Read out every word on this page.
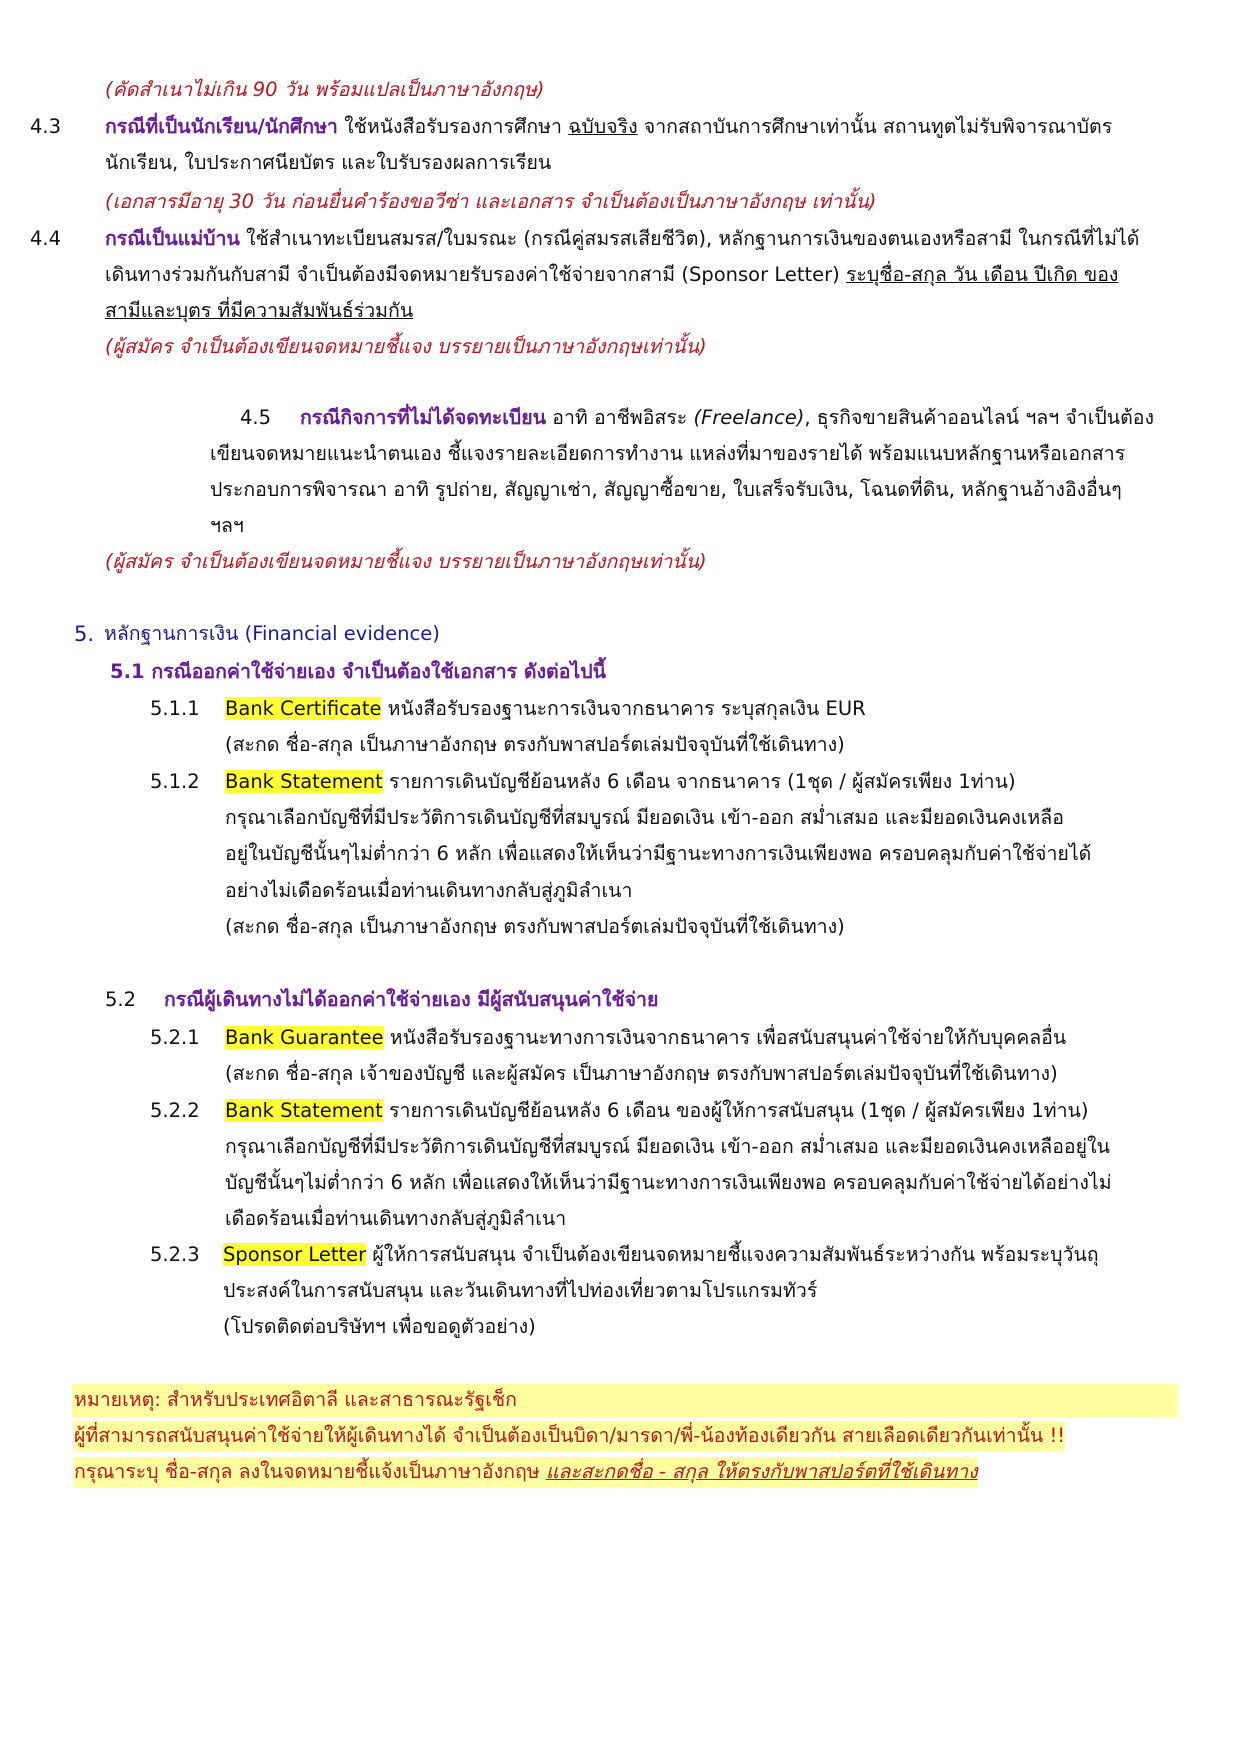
(คัดสำเนาไม่เกิน 90 วัน พร้อมแปลเป็นภาษาอังกฤษ)
4.3 กรณีที่เป็นนักเรียน/นักศึกษา ใช้หนังสือรับรองการศึกษา ฉบับจริง จากสถาบันการศึกษาเท่านั้น สถานทูตไม่รับพิจารณาบัตร
นักเรียน, ใบประกาศนียบัตร และใบรับรองผลการเรียน
(เอกสารมีอายุ 30 วัน ก่อนยื่นคำร้องขอวีซ่า และเอกสาร จำเป็นต้องเป็นภาษาอังกฤษ เท่านั้น)
4.4 กรณีเป็นแม่บ้าน ใช้สำเนาทะเบียนสมรส/ใบมรณะ (กรณีคู่สมรสเสียชีวิต), หลักฐานการเงินของตนเองหรือสามี ในกรณีที่ไม่ได้
เดินทางร่วมกันกับสามี จำเป็นต้องมีจดหมายรับรองค่าใช้จ่ายจากสามี (Sponsor Letter) ระบุชื่อ-สกุล วัน เดือน ปีเกิด ของ
สามีและบุตร ที่มีความสัมพันธ์ร่วมกัน
(ผู้สมัคร จำเป็นต้องเขียนจดหมายชี้แจง บรรยายเป็นภาษาอังกฤษเท่านั้น)
4.5 กรณีกิจการที่ไม่ได้จดทะเบียน อาทิ อาชีพอิสระ (Freelance), ธุรกิจขายสินค้าออนไลน์ ฯลฯ จำเป็นต้อง
เขียนจดหมายแนะนำตนเอง ชี้แจงรายละเอียดการทำงาน แหล่งที่มาของรายได้ พร้อมแนบหลักฐานหรือเอกสาร
ประกอบการพิจารณา อาทิ รูปถ่าย, สัญญาเช่า, สัญญาซื้อขาย, ใบเสร็จรับเงิน, โฉนดที่ดิน, หลักฐานอ้างอิงอื่นๆ
ฯลฯ
(ผู้สมัคร จำเป็นต้องเขียนจดหมายชี้แจง บรรยายเป็นภาษาอังกฤษเท่านั้น)
5. หลักฐานการเงิน (Financial evidence)
5.1 กรณีออกค่าใช้จ่ายเอง จำเป็นต้องใช้เอกสาร ดังต่อไปนี้
5.1.1 Bank Certificate หนังสือรับรองฐานะการเงินจากธนาคาร ระบุสกุลเงิน EUR
(สะกด ชื่อ-สกุล เป็นภาษาอังกฤษ ตรงกับพาสปอร์ตเล่มปัจจุบันที่ใช้เดินทาง)
5.1.2 Bank Statement รายการเดินบัญชีย้อนหลัง 6 เดือน จากธนาคาร (1ชุด / ผู้สมัครเพียง 1ท่าน)
กรุณาเลือกบัญชีที่มีประวัติการเดินบัญชีที่สมบูรณ์ มียอดเงิน เข้า-ออก สม่ำเสมอ และมียอดเงินคงเหลือ
อยู่ในบัญชีนั้นๆไม่ต่ำกว่า 6 หลัก เพื่อแสดงให้เห็นว่ามีฐานะทางการเงินเพียงพอ ครอบคลุมกับค่าใช้จ่ายได้
อย่างไม่เดือดร้อนเมื่อท่านเดินทางกลับสู่ภูมิลำเนา
(สะกด ชื่อ-สกุล เป็นภาษาอังกฤษ ตรงกับพาสปอร์ตเล่มปัจจุบันที่ใช้เดินทาง)
5.2 กรณีผู้เดินทางไม่ได้ออกค่าใช้จ่ายเอง มีผู้สนับสนุนค่าใช้จ่าย
5.2.1 Bank Guarantee หนังสือรับรองฐานะทางการเงินจากธนาคาร เพื่อสนับสนุนค่าใช้จ่ายให้กับบุคคลอื่น
(สะกด ชื่อ-สกุล เจ้าของบัญชี และผู้สมัคร เป็นภาษาอังกฤษ ตรงกับพาสปอร์ตเล่มปัจจุบันที่ใช้เดินทาง)
5.2.2 Bank Statement รายการเดินบัญชีย้อนหลัง 6 เดือน ของผู้ให้การสนับสนุน (1ชุด / ผู้สมัครเพียง 1ท่าน)
กรุณาเลือกบัญชีที่มีประวัติการเดินบัญชีที่สมบูรณ์ มียอดเงิน เข้า-ออก สม่ำเสมอ และมียอดเงินคงเหลืออยู่ใน
บัญชีนั้นๆไม่ต่ำกว่า 6 หลัก เพื่อแสดงให้เห็นว่ามีฐานะทางการเงินเพียงพอ ครอบคลุมกับค่าใช้จ่ายได้อย่างไม่
เดือดร้อนเมื่อท่านเดินทางกลับสู่ภูมิลำเนา
5.2.3 Sponsor Letter ผู้ให้การสนับสนุน จำเป็นต้องเขียนจดหมายชี้แจงความสัมพันธ์ระหว่างกัน พร้อมระบุวันถุ
ประสงค์ในการสนับสนุน และวันเดินทางที่ไปท่องเที่ยวตามโปรแกรมทัวร์
(โปรดติดต่อบริษัทฯ เพื่อขอดูตัวอย่าง)
หมายเหตุ: สำหรับประเทศอิตาลี และสาธารณะรัฐเช็ก
ผู้ที่สามารถสนับสนุนค่าใช้จ่ายให้ผู้เดินทางได้ จำเป็นต้องเป็นบิดา/มารดา/พี่-น้องท้องเดียวกัน สายเลือดเดียวกันเท่านั้น !!
กรุณาระบุ ชื่อ-สกุล ลงในจดหมายชี้แจ้งเป็นภาษาอังกฤษ และสะกดชื่อ - สกุล ให้ตรงกับพาสปอร์ตที่ใช้เดินทาง
